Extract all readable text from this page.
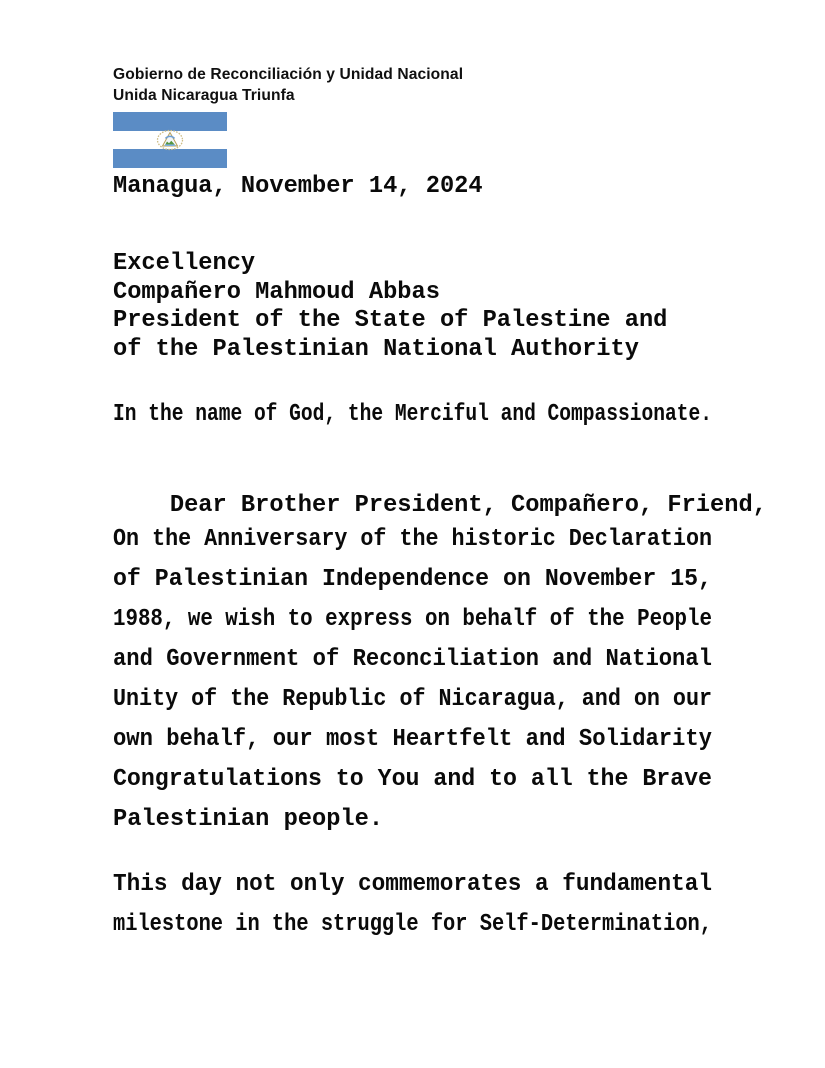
Gobierno de Reconciliación y Unidad Nacional
Unida Nicaragua Triunfa
Managua, November 14, 2024
Excellency
Compañero Mahmoud Abbas
President of the State of Palestine and
of the Palestinian National Authority
In the name of God, the Merciful and Compassionate.

Dear Brother President, Compañero, Friend,

On the Anniversary of the historic Declaration
of Palestinian Independence on November 15,
1988, we wish to express on behalf of the People
and Government of Reconciliation and National
Unity of the Republic of Nicaragua, and on our
own behalf, our most Heartfelt and Solidarity
Congratulations to You and to all the Brave
Palestinian people.
This day not only commemorates a fundamental
milestone in the struggle for Self-Determination,
